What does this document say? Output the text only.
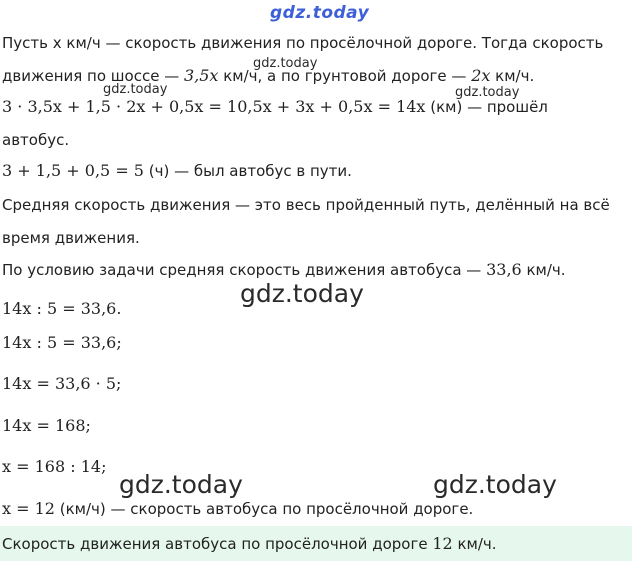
gdz.today
Пусть x км/ч — скорость движения по просёлочной дороге. Тогда скорость
движения по шоссе — 3,5x км/ч, а по грунтовой дороге — 2x км/ч.
3 · 3,5x + 1,5 · 2x + 0,5x = 10,5x + 3x + 0,5x = 14x (км) — прошёл
автобус.
3 + 1,5 + 0,5 = 5 (ч) — был автобус в пути.
Средняя скорость движения — это весь пройденный путь, делённый на всё
время движения.
По условию задачи средняя скорость движения автобуса — 33,6 км/ч.
14x : 5 = 33,6.
14x : 5 = 33,6;
14x = 33,6 · 5;
14x = 168;
x = 168 : 14;
x = 12 (км/ч) — скорость автобуса по просёлочной дороге.
Скорость движения автобуса по просёлочной дороге 12 км/ч.
gdz.today
gdz.today	gdz.today
gdz.today
gdz.today	gdz.today
